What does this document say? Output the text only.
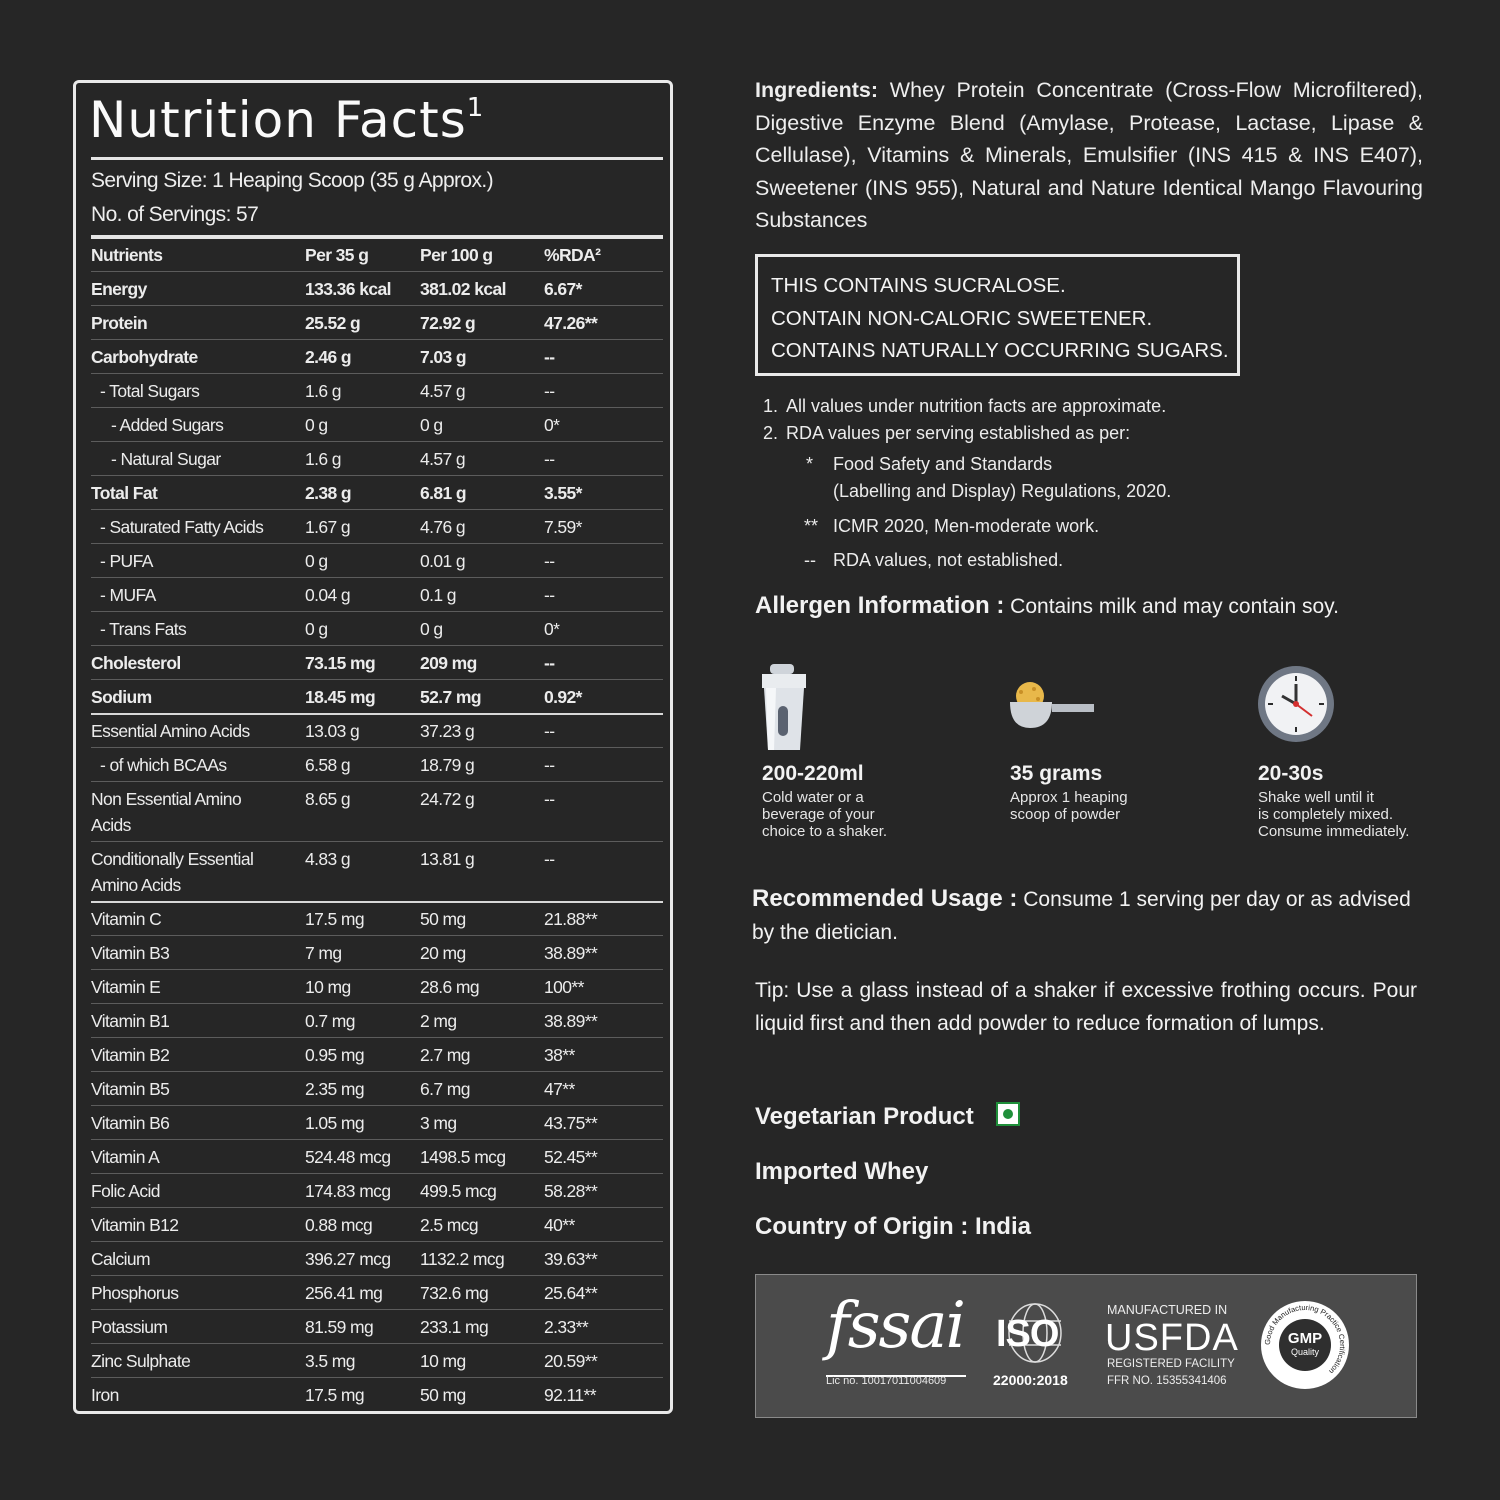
Nutrition Facts$^1$
Serving Size: 1 Heaping Scoop (35 g Approx.)
No. of Servings: 57
Nutrients	Per 35 g	Per 100 g	%RDA²
Energy	133.36 kcal 381.02 kcal 6.67*
Protein	25.52 g	72.92 g	47.26**
Carbohydrate	2.46 g	7.03 g	--
- Total Sugars	1.6 g	4.57 g	--
- Added Sugars	0 g	0 g	0*
- Natural Sugar	1.6 g	4.57 g	--
Total Fat	2.38 g	6.81 g	3.55*
- Saturated Fatty Acids 1.67 g	4.76 g	7.59*
- PUFA	0 g	0.01 g	--
- MUFA	0.04 g	0.1 g	--
- Trans Fats	0 g	0 g	0*
Cholesterol	73.15 mg	209 mg	--
Sodium	18.45 mg	52.7 mg	0.92*
Essential Amino Acids	13.03 g	37.23 g	--
- of which BCAAs	6.58 g	18.79 g	--
Non Essential Amino
Acids
8.65 g	24.72 g	--
Conditionally Essential
Amino Acids
4.83 g	13.81 g	--
Vitamin C	17.5 mg	50 mg	21.88**
Vitamin B3	7 mg	20 mg	38.89**
Vitamin E	10 mg	28.6 mg	100**
Vitamin B1	0.7 mg	2 mg	38.89**
Vitamin B2	0.95 mg	2.7 mg	38**
Vitamin B5	2.35 mg	6.7 mg	47**
Vitamin B6	1.05 mg	3 mg	43.75**
Vitamin A	524.48 mcg 1498.5 mcg 52.45**
Folic Acid	174.83 mcg 499.5 mcg	58.28**
Vitamin B12	0.88 mcg	2.5 mcg	40**
Calcium	396.27 mcg 1132.2 mcg 39.63**
Phosphorus	256.41 mg 732.6 mg	25.64**
Potassium	81.59 mg	233.1 mg	2.33**
Zinc Sulphate	3.5 mg	10 mg	20.59**
Iron	17.5 mg	50 mg	92.11**
Ingredients: Whey Protein Concentrate (Cross-Flow Microfiltered), Digestive Enzyme Blend (Amylase, Protease, Lactase, Lipase & Cellulase), Vitamins & Minerals, Emulsifier (INS 415 & INS E407), Sweetener (INS 955), Natural and Nature Identical Mango Flavouring Substances
THIS CONTAINS SUCRALOSE.
CONTAIN NON-CALORIC SWEETENER.
CONTAINS NATURALLY OCCURRING SUGARS.
1. All values under nutrition facts are approximate.
2. RDA values per serving established as per:
* Food Safety and Standards
(Labelling and Display) Regulations, 2020.
** ICMR 2020, Men-moderate work.
-- RDA values, not established.
Allergen Information : Contains milk and may contain soy.
200-220ml
Cold water or a
beverage of your
choice to a shaker.
35 grams
Approx 1 heaping
scoop of powder
20-30s
Shake well until it
is completely mixed.
Consume immediately.
Recommended Usage : Consume 1 serving per day or as advised by the dietician.
Tip: Use a glass instead of a shaker if excessive frothing occurs. Pour liquid first and then add powder to reduce formation of lumps.
Vegetarian Product
Imported Whey
Country of Origin : India
fssai
Lic no. 10017011004609
ISO
22000:2018
MANUFACTURED IN
USFDA
REGISTERED FACILITY
FFR NO. 15355341406
Good Manufacturing Practice Certification
GMP
Quality
